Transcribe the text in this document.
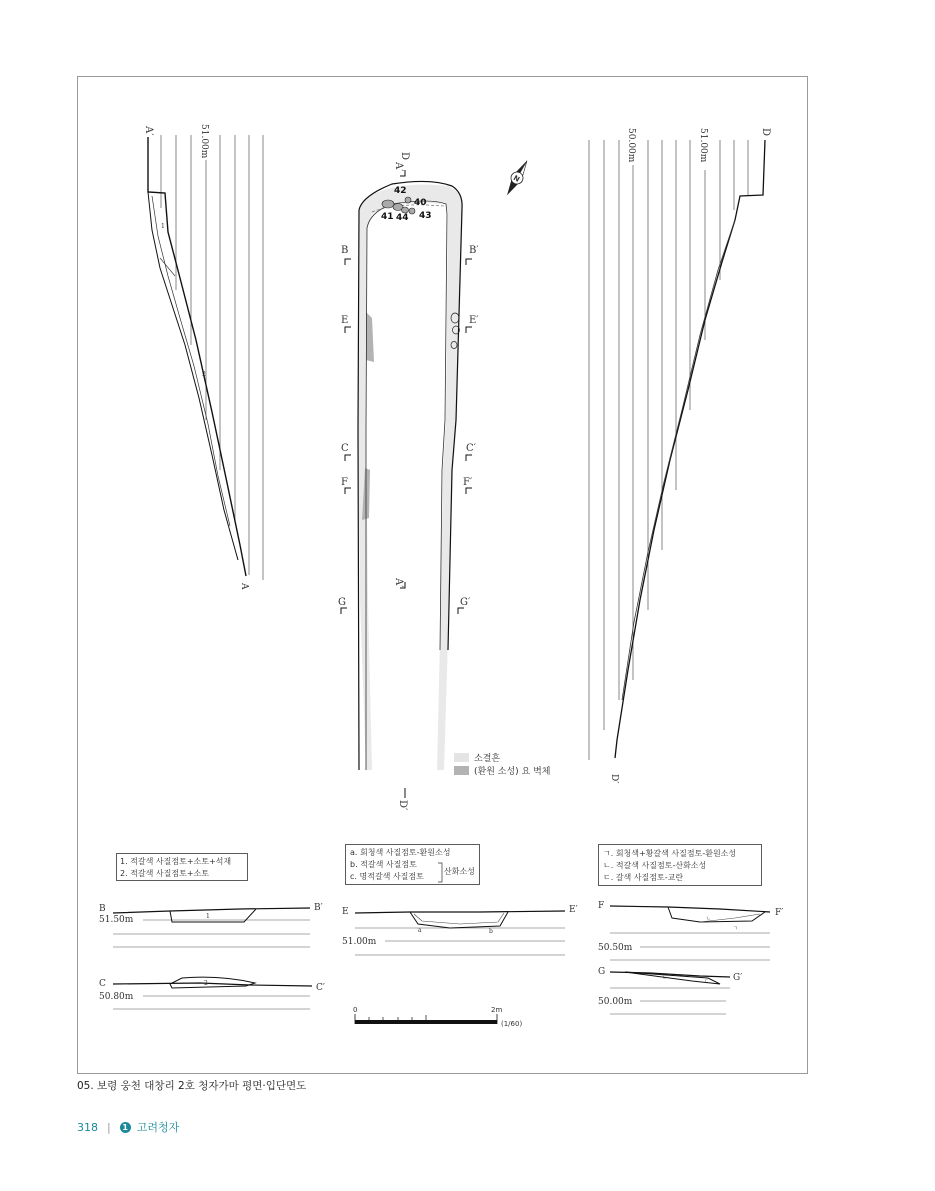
A′	51.00m
A
1
2
42
40
41 44 43
B	B′
E	E′
C	C′
F	F′
G	G′
A′
D
A′
D′
N
소결흔
(환원 소성) 요 벽체
D
50.00m	51.00m
D′
1. 적갈색 사질점토+소토+석재
2. 적갈색 사질점토+소토
a. 회청색 사질점토-환원소성
b. 적갈색 사질점토
c. 명적갈색 사질점토
산화소성
ㄱ. 회청색+황갈색 사질점토-환원소성
ㄴ. 적갈색 사질점토-산화소성
ㄷ. 갈색 사질점토-교란
B	B′
51.50m	1
C	C′
50.80m
2
E	E′
51.00m
a	b
F
F′
50.50m
ㄴ
ㄱ
G
G′
50.00m
ㄴ
ㄷ
0	2m
(1/60)
05. 보령 웅천 대창리 2호 청자가마 평면·입단면도
318 |	1 고려청자
